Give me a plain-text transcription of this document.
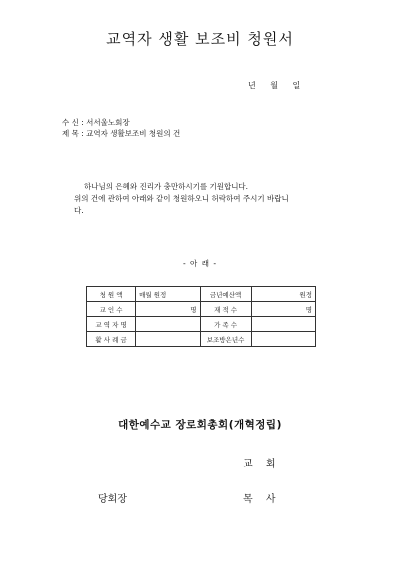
교역자 생활 보조비 청원서
년 월 일
수 신 : 서서울노회장
제 목 : 교역자 생활보조비 청원의 건
하나님의 은혜와 진리가 충만하시기를 기원합니다.
위의 건에 관하여 아래와 같이 청원하오니 허락하여 주시기 바랍니
다.
- 아 래 -
청 원 액	매월 원정	금년예산액	원정
교 인 수	명	재 적 수	명
교 역 자 명		가 족 수	
활 사 례 금		보조방은년수	
대한예수교 장로회총회(개혁정립)
교 회
당회장	목 사
